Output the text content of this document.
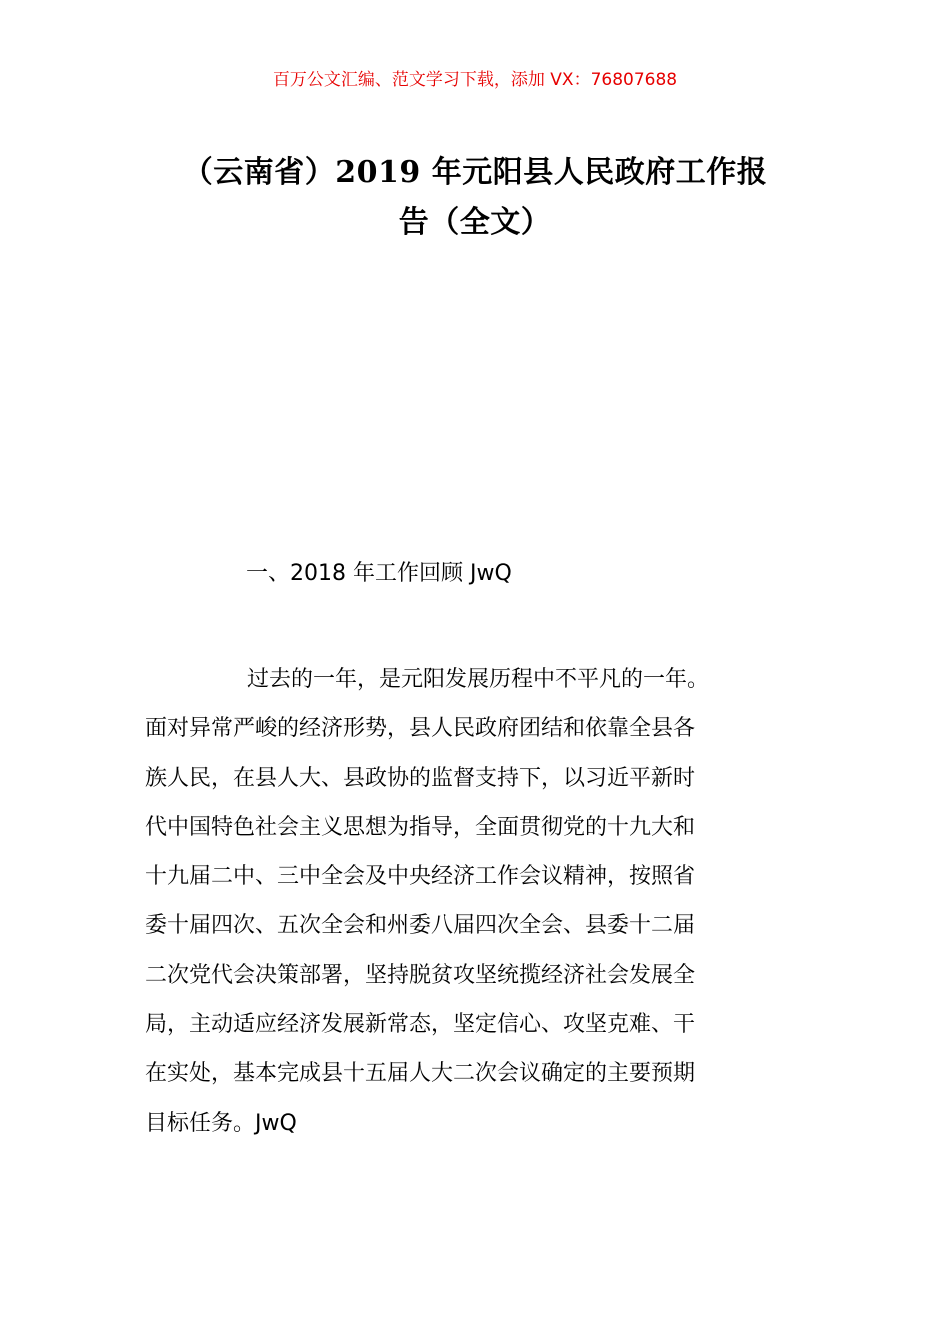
百万公文汇编、范文学习下载，添加 VX：76807688
（云南省）2019 年元阳县人民政府工作报
告（全文）
一、2018 年工作回顾 JwQ
过去的一年，是元阳发展历程中不平凡的一年。
面对异常严峻的经济形势，县人民政府团结和依靠全县各
族人民，在县人大、县政协的监督支持下，以习近平新时
代中国特色社会主义思想为指导，全面贯彻党的十九大和
十九届二中、三中全会及中央经济工作会议精神，按照省
委十届四次、五次全会和州委八届四次全会、县委十二届
二次党代会决策部署，坚持脱贫攻坚统揽经济社会发展全
局，主动适应经济发展新常态，坚定信心、攻坚克难、干
在实处，基本完成县十五届人大二次会议确定的主要预期
目标任务。JwQ
